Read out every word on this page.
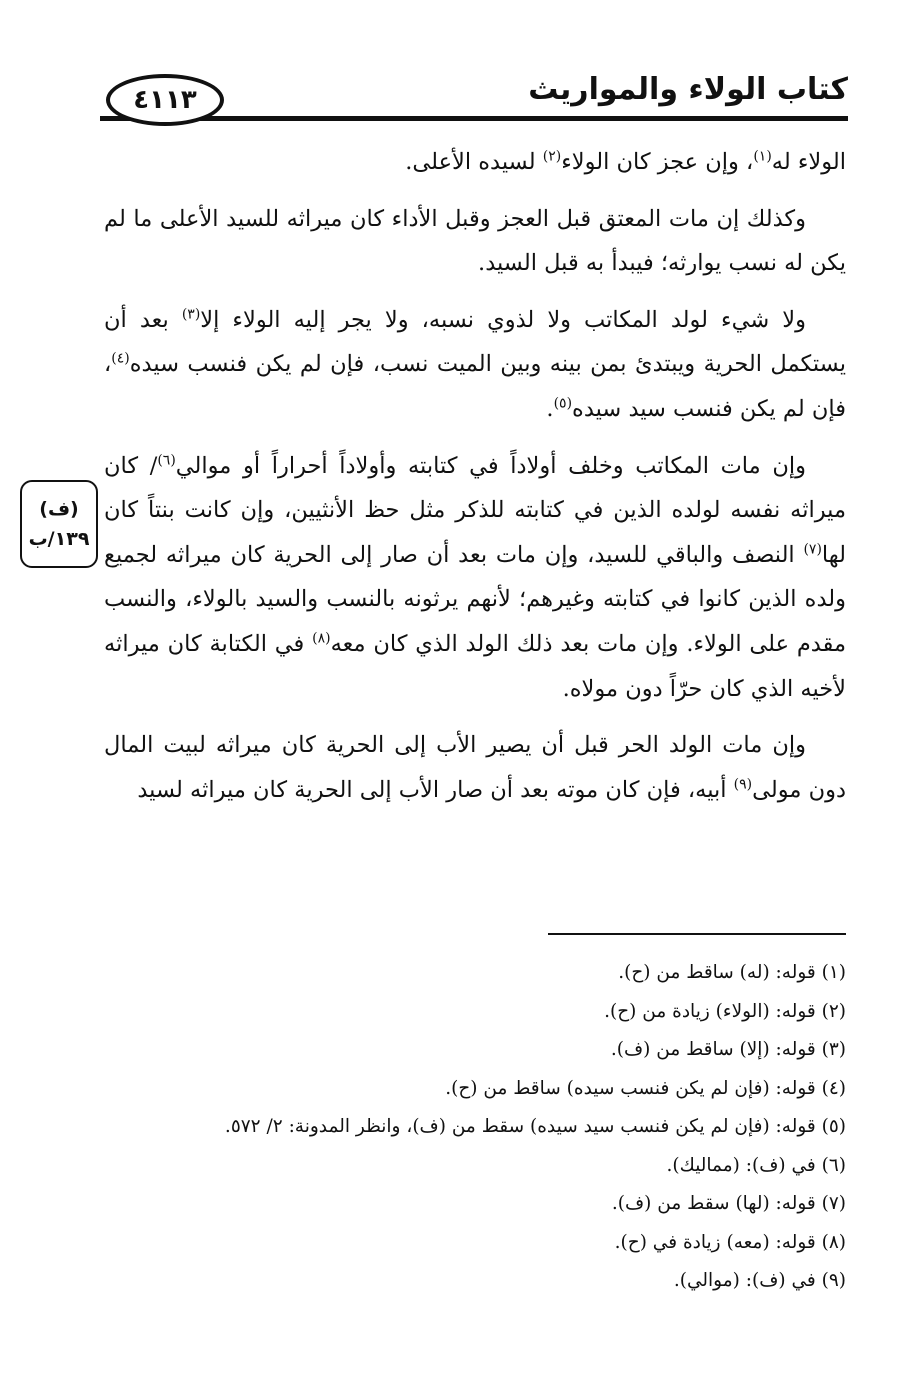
٤١١٣	كتاب الولاء والمواريث
(ف)
١٣٩/ب

الولاء له$^{(١)}$، وإن عجز كان الولاء$^{(٢)}$ لسيده الأعلى.

وكذلك إن مات المعتق قبل العجز وقبل الأداء كان ميراثه للسيد الأعلى ما لم يكن له نسب يوارثه؛ فيبدأ به قبل السيد.

ولا شيء لولد المكاتب ولا لذوي نسبه، ولا يجر إليه الولاء إلا$^{(٣)}$ بعد أن يستكمل الحرية ويبتدئ بمن بينه وبين الميت نسب، فإن لم يكن فنسب سيده$^{(٤)}$، فإن لم يكن فنسب سيد سيده$^{(٥)}$.

وإن مات المكاتب وخلف أولاداً في كتابته وأولاداً أحراراً أو موالي$^{(٦)}$/ كان ميراثه نفسه لولده الذين في كتابته للذكر مثل حظ الأنثيين، وإن كانت بنتاً كان لها$^{(٧)}$ النصف والباقي للسيد، وإن مات بعد أن صار إلى الحرية كان ميراثه لجميع ولده الذين كانوا في كتابته وغيرهم؛ لأنهم يرثونه بالنسب والسيد بالولاء، والنسب مقدم على الولاء. وإن مات بعد ذلك الولد الذي كان معه$^{(٨)}$ في الكتابة كان ميراثه لأخيه الذي كان حرّاً دون مولاه.

وإن مات الولد الحر قبل أن يصير الأب إلى الحرية كان ميراثه لبيت المال دون مولى$^{(٩)}$ أبيه، فإن كان موته بعد أن صار الأب إلى الحرية كان ميراثه لسيد

(١) قوله: (له) ساقط من (ح).
(٢) قوله: (الولاء) زيادة من (ح).
(٣) قوله: (إلا) ساقط من (ف).
(٤) قوله: (فإن لم يكن فنسب سيده) ساقط من (ح).
(٥) قوله: (فإن لم يكن فنسب سيد سيده) سقط من (ف)، وانظر المدونة: ٢/ ٥٧٢.
(٦) في (ف): (مماليك).
(٧) قوله: (لها) سقط من (ف).
(٨) قوله: (معه) زيادة في (ح).
(٩) في (ف): (موالي).
